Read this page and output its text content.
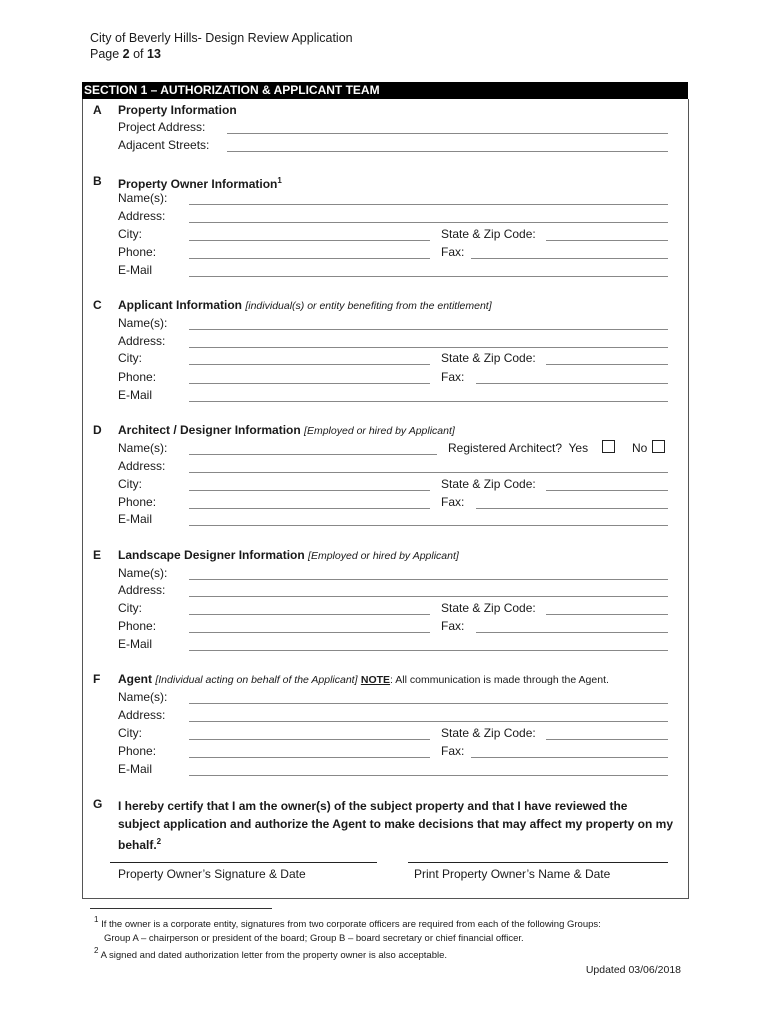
City of Beverly Hills- Design Review Application
Page 2 of 13
SECTION 1 – AUTHORIZATION & APPLICANT TEAM
A Property Information
Project Address:
Adjacent Streets:
B Property Owner Information$^1$
Name(s):
Address:
City:	State & Zip Code:
Phone:	Fax:
E-Mail
C Applicant Information [individual(s) or entity benefiting from the entitlement]
Name(s):
Address:
City:	State & Zip Code:
Phone:	Fax:
E-Mail
D Architect / Designer Information [Employed or hired by Applicant]
Name(s):	Registered Architect? Yes	No
Address:
City:	State & Zip Code:
Phone:	Fax:
E-Mail
E Landscape Designer Information [Employed or hired by Applicant]
Name(s):
Address:
City:	State & Zip Code:
Phone:	Fax:
E-Mail
F Agent [Individual acting on behalf of the Applicant] NOTE: All communication is made through the Agent.
Name(s):
Address:
City:	State & Zip Code:
Phone:	Fax:
E-Mail
G I hereby certify that I am the owner(s) of the subject property and that I have reviewed the
subject application and authorize the Agent to make decisions that may affect my property on my
behalf.$^2$
Property Owner’s Signature & Date	Print Property Owner’s Name & Date
$^1$ If the owner is a corporate entity, signatures from two corporate officers are required from each of the following Groups:
Group A – chairperson or president of the board; Group B – board secretary or chief financial officer.
$^2$ A signed and dated authorization letter from the property owner is also acceptable.
Updated 03/06/2018
